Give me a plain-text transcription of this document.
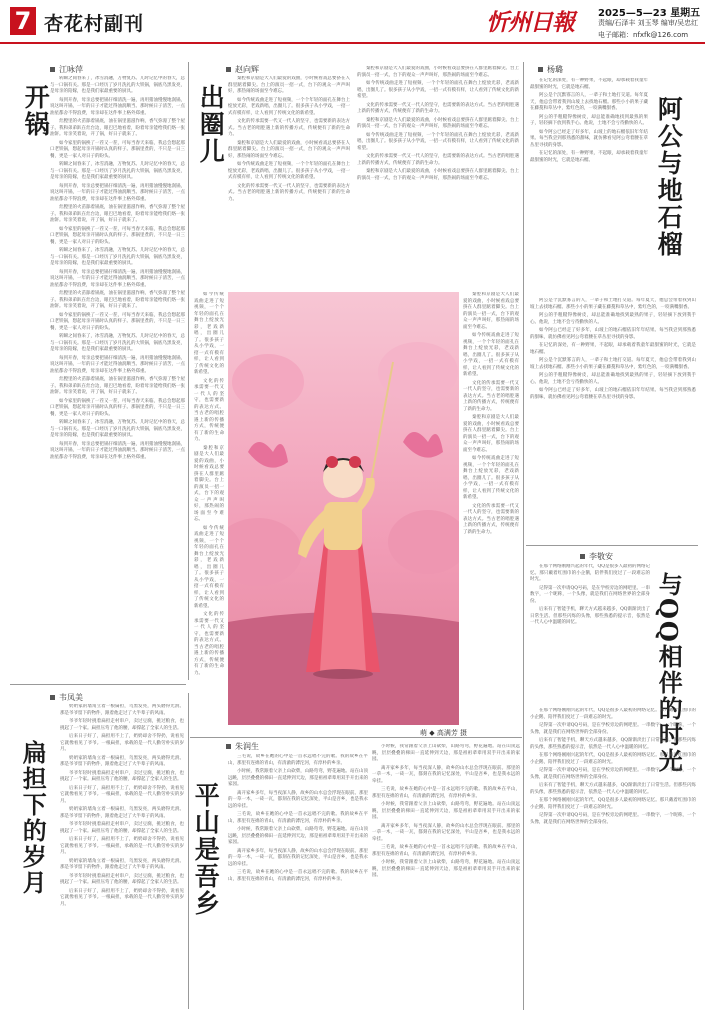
7 杏花村副刊	忻州日報 2025—5—23 星期五
责编/石泽丰 刘玉琴 编审/吴忠红
电子邮箱：nfxfk@126.com
江咏萍
开锅

转瞬之间春来了，冰雪消融，万物复苏。儿时记忆中的春天，总与一口锅有关。那是一口经历了岁月洗礼的大铁锅，锅底乌黑发亮，是母亲的陪嫁，也是我们家最重要的厨具。

每到开春，母亲总要把锅仔细清洗一遍，再用猪油慢慢地润锅，说这叫开锅，一年的日子才能过得油润顺当。那时候日子清苦，一点油星都舍不得浪费，母亲却在这件事上格外郑重。

灶膛里的火苗舔着锅底，油在锅里滋滋作响，香气弥漫了整个屋子。我和弟弟趴在灶台边，眼巴巴地看着，盼着母亲能给我们烙一张油饼。母亲笑着说，开了锅，好日子就来了。

如今家里的锅换了一茬又一茬，可每当春天来临，我总会想起那口老铁锅，想起母亲开锅时认真的样子。那锅里煮的，不只是一日三餐，更是一家人对日子的盼头。

转瞬之间春来了，冰雪消融，万物复苏。儿时记忆中的春天，总与一口锅有关。那是一口经历了岁月洗礼的大铁锅，锅底乌黑发亮，是母亲的陪嫁，也是我们家最重要的厨具。

每到开春，母亲总要把锅仔细清洗一遍，再用猪油慢慢地润锅，说这叫开锅，一年的日子才能过得油润顺当。那时候日子清苦，一点油星都舍不得浪费，母亲却在这件事上格外郑重。

灶膛里的火苗舔着锅底，油在锅里滋滋作响，香气弥漫了整个屋子。我和弟弟趴在灶台边，眼巴巴地看着，盼着母亲能给我们烙一张油饼。母亲笑着说，开了锅，好日子就来了。

如今家里的锅换了一茬又一茬，可每当春天来临，我总会想起那口老铁锅，想起母亲开锅时认真的样子。那锅里煮的，不只是一日三餐，更是一家人对日子的盼头。

转瞬之间春来了，冰雪消融，万物复苏。儿时记忆中的春天，总与一口锅有关。那是一口经历了岁月洗礼的大铁锅，锅底乌黑发亮，是母亲的陪嫁，也是我们家最重要的厨具。

每到开春，母亲总要把锅仔细清洗一遍，再用猪油慢慢地润锅，说这叫开锅，一年的日子才能过得油润顺当。那时候日子清苦，一点油星都舍不得浪费，母亲却在这件事上格外郑重。

灶膛里的火苗舔着锅底，油在锅里滋滋作响，香气弥漫了整个屋子。我和弟弟趴在灶台边，眼巴巴地看着，盼着母亲能给我们烙一张油饼。母亲笑着说，开了锅，好日子就来了。

如今家里的锅换了一茬又一茬，可每当春天来临，我总会想起那口老铁锅，想起母亲开锅时认真的样子。那锅里煮的，不只是一日三餐，更是一家人对日子的盼头。

转瞬之间春来了，冰雪消融，万物复苏。儿时记忆中的春天，总与一口锅有关。那是一口经历了岁月洗礼的大铁锅，锅底乌黑发亮，是母亲的陪嫁，也是我们家最重要的厨具。

每到开春，母亲总要把锅仔细清洗一遍，再用猪油慢慢地润锅，说这叫开锅，一年的日子才能过得油润顺当。那时候日子清苦，一点油星都舍不得浪费，母亲却在这件事上格外郑重。

灶膛里的火苗舔着锅底，油在锅里滋滋作响，香气弥漫了整个屋子。我和弟弟趴在灶台边，眼巴巴地看着，盼着母亲能给我们烙一张油饼。母亲笑着说，开了锅，好日子就来了。

如今家里的锅换了一茬又一茬，可每当春天来临，我总会想起那口老铁锅，想起母亲开锅时认真的样子。那锅里煮的，不只是一日三餐，更是一家人对日子的盼头。

转瞬之间春来了，冰雪消融，万物复苏。儿时记忆中的春天，总与一口锅有关。那是一口经历了岁月洗礼的大铁锅，锅底乌黑发亮，是母亲的陪嫁，也是我们家最重要的厨具。

每到开春，母亲总要把锅仔细清洗一遍，再用猪油慢慢地润锅，说这叫开锅，一年的日子才能过得油润顺当。那时候日子清苦，一点油星都舍不得浪费，母亲却在这件事上格外郑重。

韦凤美
扁担下的岁月

奶奶家的墙角立着一根扁担，乌黑发亮，两头磨得光滑。那是爷爷留下的物件，跟着他走过了大半辈子的风雨。

爷爷年轻时挑着扁担走村串户，卖过豆腐，挑过粮食，也挑起了一个家。扁担压弯了他的腰，却撑起了全家人的生活。

后来日子好了，扁担用不上了，奶奶却舍不得扔，说看见它就像看见了爷爷。一根扁担，承载的是一代人勤劳朴实的岁月。

奶奶家的墙角立着一根扁担，乌黑发亮，两头磨得光滑。那是爷爷留下的物件，跟着他走过了大半辈子的风雨。

爷爷年轻时挑着扁担走村串户，卖过豆腐，挑过粮食，也挑起了一个家。扁担压弯了他的腰，却撑起了全家人的生活。

后来日子好了，扁担用不上了，奶奶却舍不得扔，说看见它就像看见了爷爷。一根扁担，承载的是一代人勤劳朴实的岁月。

奶奶家的墙角立着一根扁担，乌黑发亮，两头磨得光滑。那是爷爷留下的物件，跟着他走过了大半辈子的风雨。

爷爷年轻时挑着扁担走村串户，卖过豆腐，挑过粮食，也挑起了一个家。扁担压弯了他的腰，却撑起了全家人的生活。

后来日子好了，扁担用不上了，奶奶却舍不得扔，说看见它就像看见了爷爷。一根扁担，承载的是一代人勤劳朴实的岁月。

奶奶家的墙角立着一根扁担，乌黑发亮，两头磨得光滑。那是爷爷留下的物件，跟着他走过了大半辈子的风雨。

爷爷年轻时挑着扁担走村串户，卖过豆腐，挑过粮食，也挑起了一个家。扁担压弯了他的腰，却撑起了全家人的生活。

后来日子好了，扁担用不上了，奶奶却舍不得扔，说看见它就像看见了爷爷。一根扁担，承载的是一代人勤劳朴实的岁月。

赵向辉
出圈儿

秦腔和京剧是大人们最爱的戏曲，小时候看戏总要挤在人群里踮着脚尖。台上的演员一招一式，台下的观众一声声叫好，那热闹的场面至今难忘。

如今传统戏曲走进了短视频，一个个年轻的面孔在舞台上绽放光彩，老戏新唱，出圈儿了。很多孩子从小学戏，一招一式有模有样，让人看到了传统文化的新希望。

文化的传承需要一代又一代人的坚守，也需要新的表达方式。当古老的唱腔遇上新的传播方式，传统便有了新的生命力。

秦腔和京剧是大人们最爱的戏曲，小时候看戏总要挤在人群里踮着脚尖。台上的演员一招一式，台下的观众一声声叫好，那热闹的场面至今难忘。

如今传统戏曲走进了短视频，一个个年轻的面孔在舞台上绽放光彩，老戏新唱，出圈儿了。很多孩子从小学戏，一招一式有模有样，让人看到了传统文化的新希望。

文化的传承需要一代又一代人的坚守，也需要新的表达方式。当古老的唱腔遇上新的传播方式，传统便有了新的生命力。

秦腔和京剧是大人们最爱的戏曲，小时候看戏总要挤在人群里踮着脚尖。台上的演员一招一式，台下的观众一声声叫好，那热闹的场面至今难忘。

如今传统戏曲走进了短视频，一个个年轻的面孔在舞台上绽放光彩，老戏新唱，出圈儿了。很多孩子从小学戏，一招一式有模有样，让人看到了传统文化的新希望。

文化的传承需要一代又一代人的坚守，也需要新的表达方式。当古老的唱腔遇上新的传播方式，传统便有了新的生命力。

秦腔和京剧是大人们最爱的戏曲，小时候看戏总要挤在人群里踮着脚尖。台上的演员一招一式，台下的观众一声声叫好，那热闹的场面至今难忘。

如今传统戏曲走进了短视频，一个个年轻的面孔在舞台上绽放光彩，老戏新唱，出圈儿了。很多孩子从小学戏，一招一式有模有样，让人看到了传统文化的新希望。

文化的传承需要一代又一代人的坚守，也需要新的表达方式。当古老的唱腔遇上新的传播方式，传统便有了新的生命力。

秦腔和京剧是大人们最爱的戏曲，小时候看戏总要挤在人群里踮着脚尖。台上的演员一招一式，台下的观众一声声叫好，那热闹的场面至今难忘。

如今传统戏曲走进了短视频，一个个年轻的面孔在舞台上绽放光彩，老戏新唱，出圈儿了。很多孩子从小学戏，一招一式有模有样，让人看到了传统文化的新希望。

文化的传承需要一代又一代人的坚守，也需要新的表达方式。当古老的唱腔遇上新的传播方式，传统便有了新的生命力。

秦腔和京剧是大人们最爱的戏曲，小时候看戏总要挤在人群里踮着脚尖。台上的演员一招一式，台下的观众一声声叫好，那热闹的场面至今难忘。

如今传统戏曲走进了短视频，一个个年轻的面孔在舞台上绽放光彩，老戏新唱，出圈儿了。很多孩子从小学戏，一招一式有模有样，让人看到了传统文化的新希望。

文化的传承需要一代又一代人的坚守，也需要新的表达方式。当古老的唱腔遇上新的传播方式，传统便有了新的生命力。

秦腔和京剧是大人们最爱的戏曲，小时候看戏总要挤在人群里踮着脚尖。台上的演员一招一式，台下的观众一声声叫好，那热闹的场面至今难忘。

如今传统戏曲走进了短视频，一个个年轻的面孔在舞台上绽放光彩，老戏新唱，出圈儿了。很多孩子从小学戏，一招一式有模有样，让人看到了传统文化的新希望。

文化的传承需要一代又一代人的坚守，也需要新的表达方式。当古老的唱腔遇上新的传播方式，传统便有了新的生命力。

秦腔和京剧是大人们最爱的戏曲，小时候看戏总要挤在人群里踮着脚尖。台上的演员一招一式，台下的观众一声声叫好，那热闹的场面至今难忘。

如今传统戏曲走进了短视频，一个个年轻的面孔在舞台上绽放光彩，老戏新唱，出圈儿了。很多孩子从小学戏，一招一式有模有样，让人看到了传统文化的新希望。

文化的传承需要一代又一代人的坚守，也需要新的表达方式。当古老的唱腔遇上新的传播方式，传统便有了新的生命力。

萌 ◆ 高满芳 摄
朱润生
平山是吾乡

三毛说，故乡在她的心中是一首永远唱不完的歌。我的故乡在平山，那里有连绵的青山，有清澈的滹沱河，有淳朴的乡亲。

小时候，我常跟着父亲上山砍柴，山路弯弯，野花遍地。站在山顶远眺，层层叠叠的梯田一直延伸到天边，那是祖祖辈辈用双手开出来的家园。

离开家乡多年，每当夜深人静，故乡的山水总会浮现在眼前。那里的一草一木，一砖一瓦，都刻在我的记忆深处，平山是吾乡，也是我永远的牵挂。

三毛说，故乡在她的心中是一首永远唱不完的歌。我的故乡在平山，那里有连绵的青山，有清澈的滹沱河，有淳朴的乡亲。

小时候，我常跟着父亲上山砍柴，山路弯弯，野花遍地。站在山顶远眺，层层叠叠的梯田一直延伸到天边，那是祖祖辈辈用双手开出来的家园。

离开家乡多年，每当夜深人静，故乡的山水总会浮现在眼前。那里的一草一木，一砖一瓦，都刻在我的记忆深处，平山是吾乡，也是我永远的牵挂。

三毛说，故乡在她的心中是一首永远唱不完的歌。我的故乡在平山，那里有连绵的青山，有清澈的滹沱河，有淳朴的乡亲。

小时候，我常跟着父亲上山砍柴，山路弯弯，野花遍地。站在山顶远眺，层层叠叠的梯田一直延伸到天边，那是祖祖辈辈用双手开出来的家园。

离开家乡多年，每当夜深人静，故乡的山水总会浮现在眼前。那里的一草一木，一砖一瓦，都刻在我的记忆深处，平山是吾乡，也是我永远的牵挂。

三毛说，故乡在她的心中是一首永远唱不完的歌。我的故乡在平山，那里有连绵的青山，有清澈的滹沱河，有淳朴的乡亲。

小时候，我常跟着父亲上山砍柴，山路弯弯，野花遍地。站在山顶远眺，层层叠叠的梯田一直延伸到天边，那是祖祖辈辈用双手开出来的家园。

离开家乡多年，每当夜深人静，故乡的山水总会浮现在眼前。那里的一草一木，一砖一瓦，都刻在我的记忆深处，平山是吾乡，也是我永远的牵挂。

三毛说，故乡在她的心中是一首永远唱不完的歌。我的故乡在平山，那里有连绵的青山，有清澈的滹沱河，有淳朴的乡亲。

小时候，我常跟着父亲上山砍柴，山路弯弯，野花遍地。站在山顶远眺，层层叠叠的梯田一直延伸到天边，那是祖祖辈辈用双手开出来的家园。

杨璐
阿公与地石榴

在记忆的深处，有一种野果，不起眼，却承载着我童年最甜蜜的时光，它就是地石榴。

阿公是个沉默寡言的人，一辈子和土地打交道。每年夏天，他总会带着我到山坡上去找地石榴。那些小小的果子藏在藤蔓和草丛中，紫红色的，一咬满嘴甜香。

阿公的手粗糙得像树皮，却总能准确地找到最熟的果子，轻轻摘下放到我手心。他说，土地不会亏待勤快的人。

如今阿公已经走了好多年，山坡上的地石榴依旧年年结果。每当我尝到那熟悉的甜味，就仿佛看见阿公弯着腰在草丛里寻找的身影。

在记忆的深处，有一种野果，不起眼，却承载着我童年最甜蜜的时光，它就是地石榴。

阿公是个沉默寡言的人，一辈子和土地打交道。每年夏天，他总会带着我到山坡上去找地石榴。那些小小的果子藏在藤蔓和草丛中，紫红色的，一咬满嘴甜香。

阿公的手粗糙得像树皮，却总能准确地找到最熟的果子，轻轻摘下放到我手心。他说，土地不会亏待勤快的人。

如今阿公已经走了好多年，山坡上的地石榴依旧年年结果。每当我尝到那熟悉的甜味，就仿佛看见阿公弯着腰在草丛里寻找的身影。

在记忆的深处，有一种野果，不起眼，却承载着我童年最甜蜜的时光，它就是地石榴。

阿公是个沉默寡言的人，一辈子和土地打交道。每年夏天，他总会带着我到山坡上去找地石榴。那些小小的果子藏在藤蔓和草丛中，紫红色的，一咬满嘴甜香。

阿公的手粗糙得像树皮，却总能准确地找到最熟的果子，轻轻摘下放到我手心。他说，土地不会亏待勤快的人。

如今阿公已经走了好多年，山坡上的地石榴依旧年年结果。每当我尝到那熟悉的甜味，就仿佛看见阿公弯着腰在草丛里寻找的身影。

李敬安
与QQ相伴的时光

在那个网络刚刚兴起的年代，QQ是很多人最初的网络记忆。那只戴着红围巾的小企鹅，陪伴我们度过了一段难忘的时光。

记得第一次申请QQ号码，是在学校旁边的网吧里。一串数字，一个昵称，一个头像，就是我们在网络世界的全部身份。

后来有了智能手机，聊天方式越来越多，QQ渐渐淡出了日常生活。但那些闪烁的头像，那些熟悉的提示音，依然是一代人心中温暖的回忆。

在那个网络刚刚兴起的年代，QQ是很多人最初的网络记忆。那只戴着红围巾的小企鹅，陪伴我们度过了一段难忘的时光。

记得第一次申请QQ号码，是在学校旁边的网吧里。一串数字，一个昵称，一个头像，就是我们在网络世界的全部身份。

后来有了智能手机，聊天方式越来越多，QQ渐渐淡出了日常生活。但那些闪烁的头像，那些熟悉的提示音，依然是一代人心中温暖的回忆。

在那个网络刚刚兴起的年代，QQ是很多人最初的网络记忆。那只戴着红围巾的小企鹅，陪伴我们度过了一段难忘的时光。

记得第一次申请QQ号码，是在学校旁边的网吧里。一串数字，一个昵称，一个头像，就是我们在网络世界的全部身份。

后来有了智能手机，聊天方式越来越多，QQ渐渐淡出了日常生活。但那些闪烁的头像，那些熟悉的提示音，依然是一代人心中温暖的回忆。

在那个网络刚刚兴起的年代，QQ是很多人最初的网络记忆。那只戴着红围巾的小企鹅，陪伴我们度过了一段难忘的时光。

记得第一次申请QQ号码，是在学校旁边的网吧里。一串数字，一个昵称，一个头像，就是我们在网络世界的全部身份。
